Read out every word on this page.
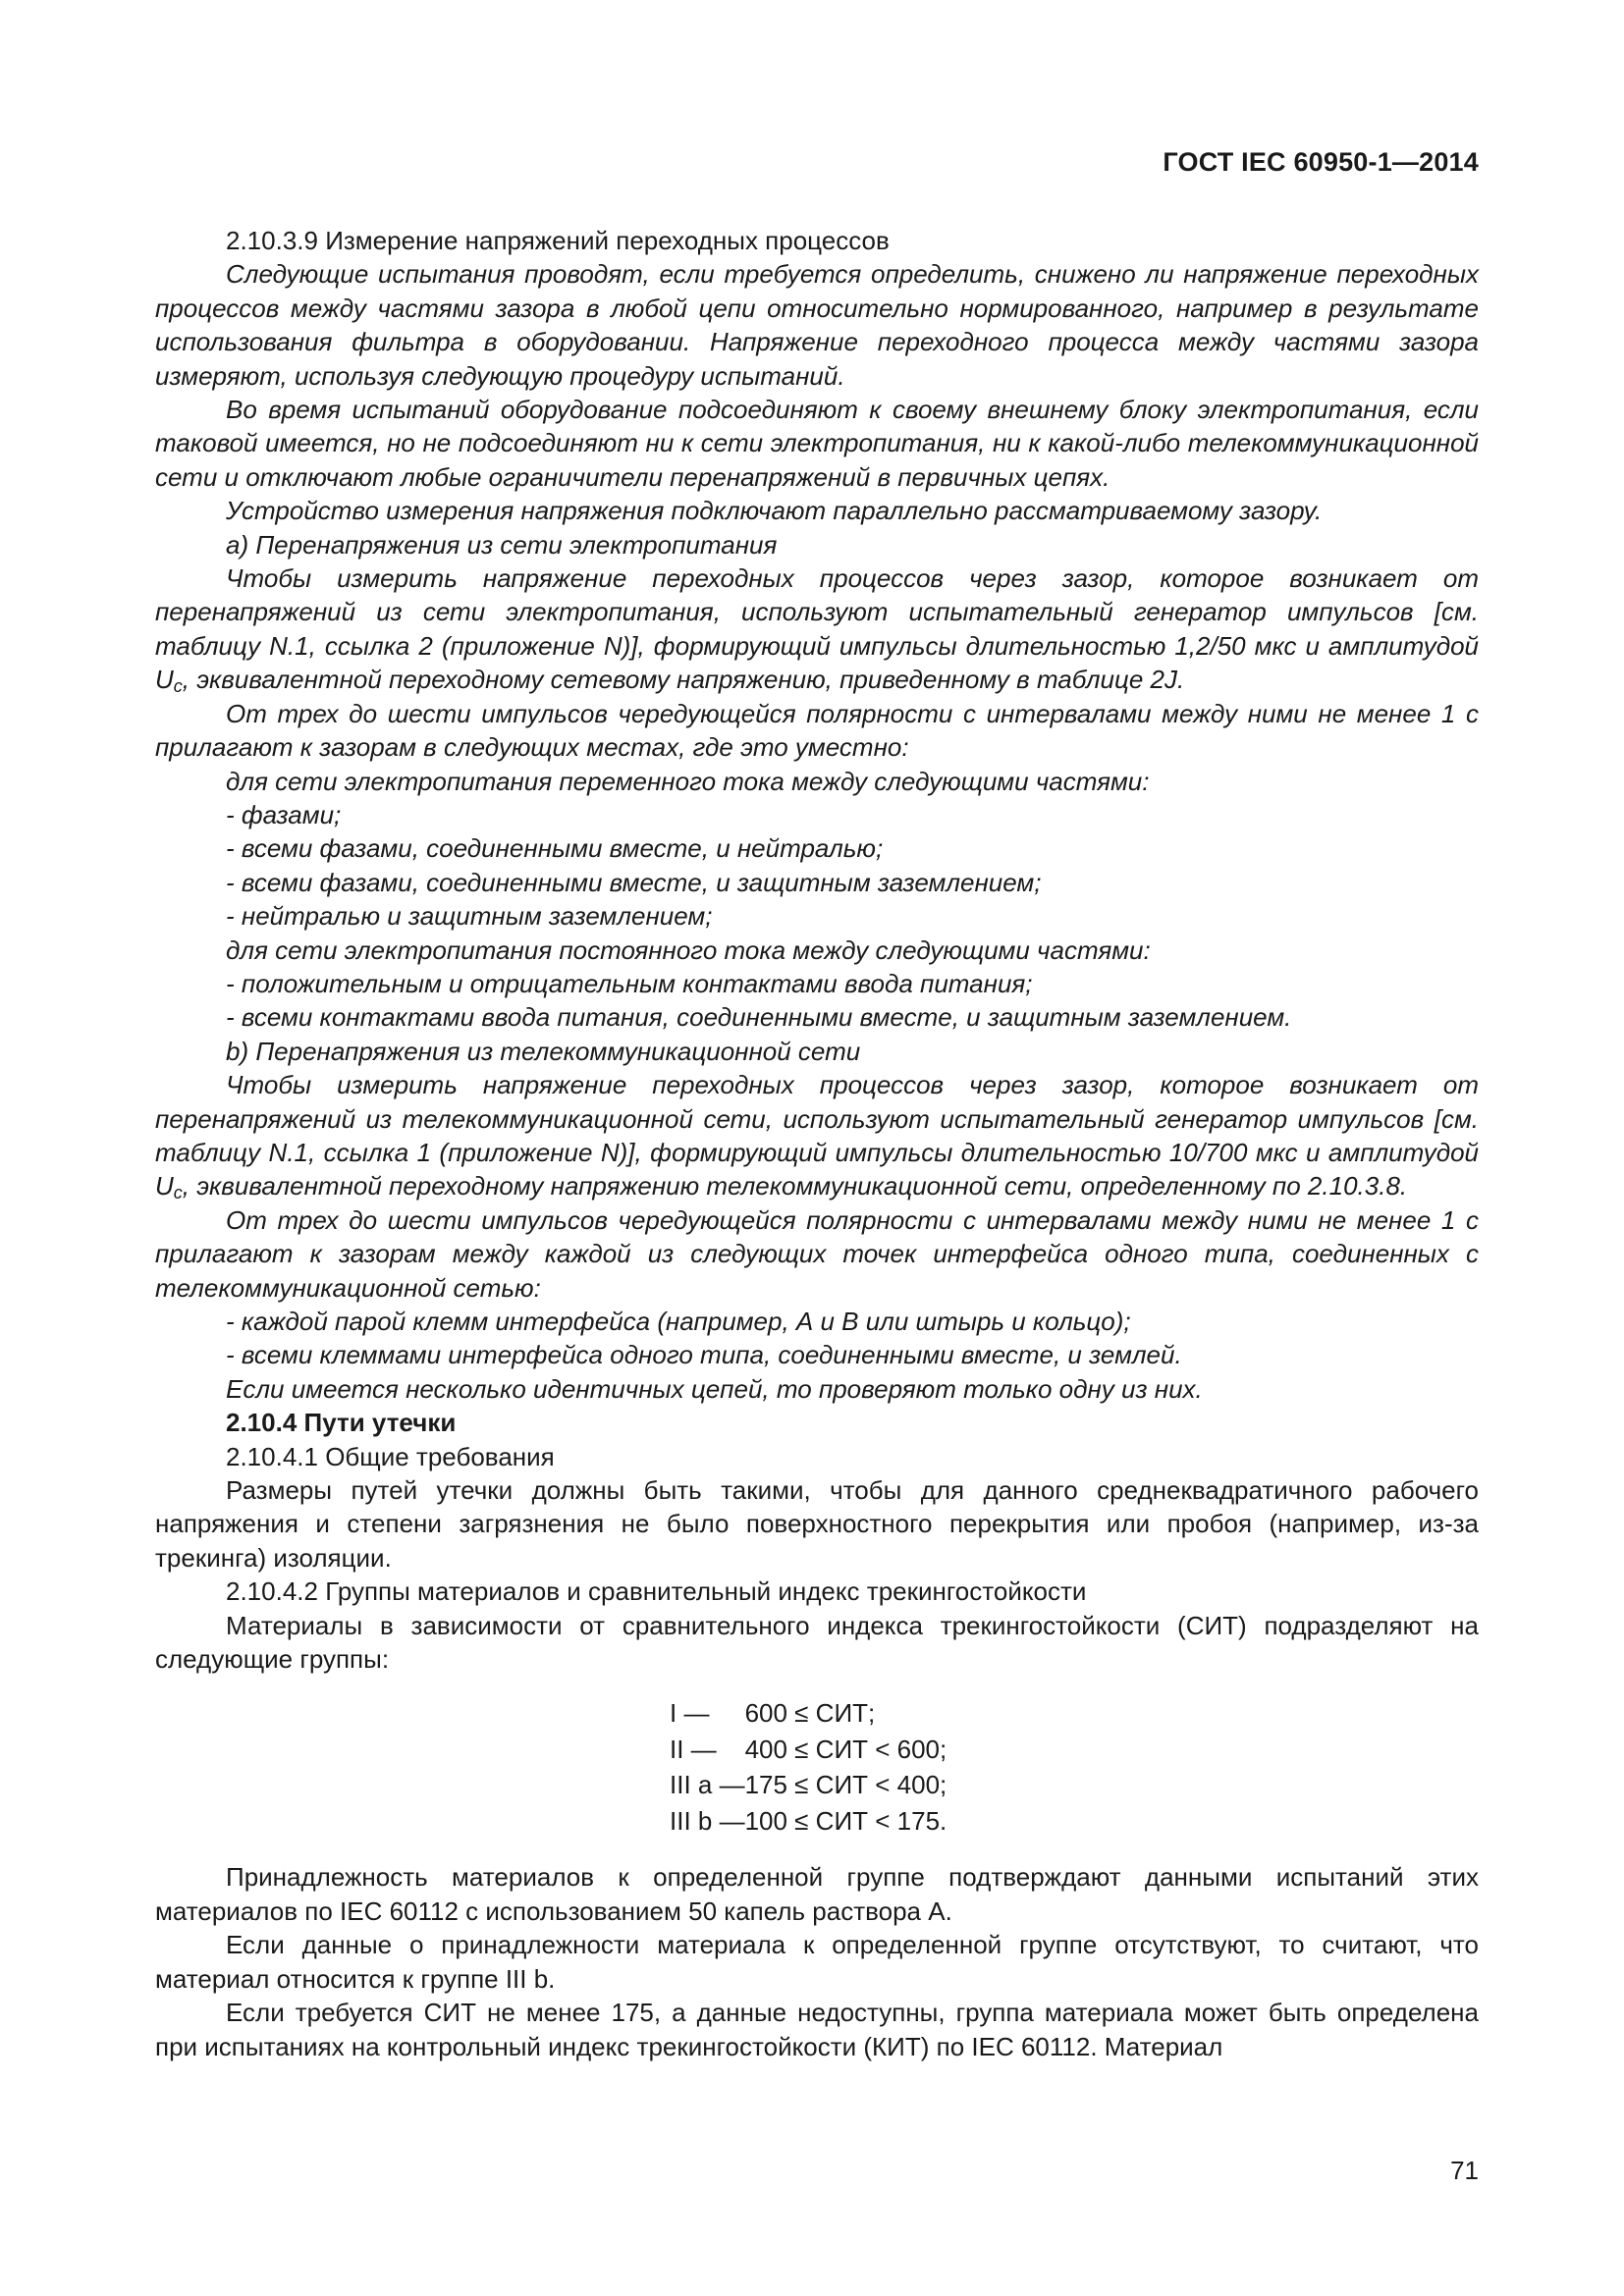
ГОСТ IEC 60950-1—2014

2.10.3.9 Измерение напряжений переходных процессов

Следующие испытания проводят, если требуется определить, снижено ли напряжение переходных процессов между частями зазора в любой цепи относительно нормированного, например в результате использования фильтра в оборудовании. Напряжение переходного процесса между частями зазора измеряют, используя следующую процедуру испытаний.

Во время испытаний оборудование подсоединяют к своему внешнему блоку электропитания, если таковой имеется, но не подсоединяют ни к сети электропитания, ни к какой-либо телекоммуникационной сети и отключают любые ограничители перенапряжений в первичных цепях.

Устройство измерения напряжения подключают параллельно рассматриваемому зазору.

a) Перенапряжения из сети электропитания

Чтобы измерить напряжение переходных процессов через зазор, которое возникает от перенапряжений из сети электропитания, используют испытательный генератор импульсов [см. таблицу N.1, ссылка 2 (приложение N)], формирующий импульсы длительностью 1,2/50 мкс и амплитудой $U_c$, эквивалентной переходному сетевому напряжению, приведенному в таблице 2J.

От трех до шести импульсов чередующейся полярности с интервалами между ними не менее 1 с прилагают к зазорам в следующих местах, где это уместно:

для сети электропитания переменного тока между следующими частями:

- фазами;

- всеми фазами, соединенными вместе, и нейтралью;

- всеми фазами, соединенными вместе, и защитным заземлением;

- нейтралью и защитным заземлением;

для сети электропитания постоянного тока между следующими частями:

- положительным и отрицательным контактами ввода питания;

- всеми контактами ввода питания, соединенными вместе, и защитным заземлением.

b) Перенапряжения из телекоммуникационной сети

Чтобы измерить напряжение переходных процессов через зазор, которое возникает от перенапряжений из телекоммуникационной сети, используют испытательный генератор импульсов [см. таблицу N.1, ссылка 1 (приложение N)], формирующий импульсы длительностью 10/700 мкс и амплитудой $U_c$, эквивалентной переходному напряжению телекоммуникационной сети, определенному по 2.10.3.8.

От трех до шести импульсов чередующейся полярности с интервалами между ними не менее 1 с прилагают к зазорам между каждой из следующих точек интерфейса одного типа, соединенных с телекоммуникационной сетью:

- каждой парой клемм интерфейса (например, А и В или штырь и кольцо);

- всеми клеммами интерфейса одного типа, соединенными вместе, и землей.

Если имеется несколько идентичных цепей, то проверяют только одну из них.

2.10.4 Пути утечки

2.10.4.1 Общие требования

Размеры путей утечки должны быть такими, чтобы для данного среднеквадратичного рабочего напряжения и степени загрязнения не было поверхностного перекрытия или пробоя (например, из-за трекинга) изоляции.

2.10.4.2 Группы материалов и сравнительный индекс трекингостойкости

Материалы в зависимости от сравнительного индекса трекингостойкости (СИТ) подразделяют на следующие группы:

I —     600 ≤ СИТ;
II —    400 ≤ СИТ < 600;
III a —175 ≤ СИТ < 400;
III b —100 ≤ СИТ < 175.

Принадлежность материалов к определенной группе подтверждают данными испытаний этих материалов по IEC 60112 с использованием 50 капель раствора А.

Если данные о принадлежности материала к определенной группе отсутствуют, то считают, что материал относится к группе III b.

Если требуется СИТ не менее 175, а данные недоступны, группа материала может быть определена при испытаниях на контрольный индекс трекингостойкости (КИТ) по IEC 60112. Материал

71
